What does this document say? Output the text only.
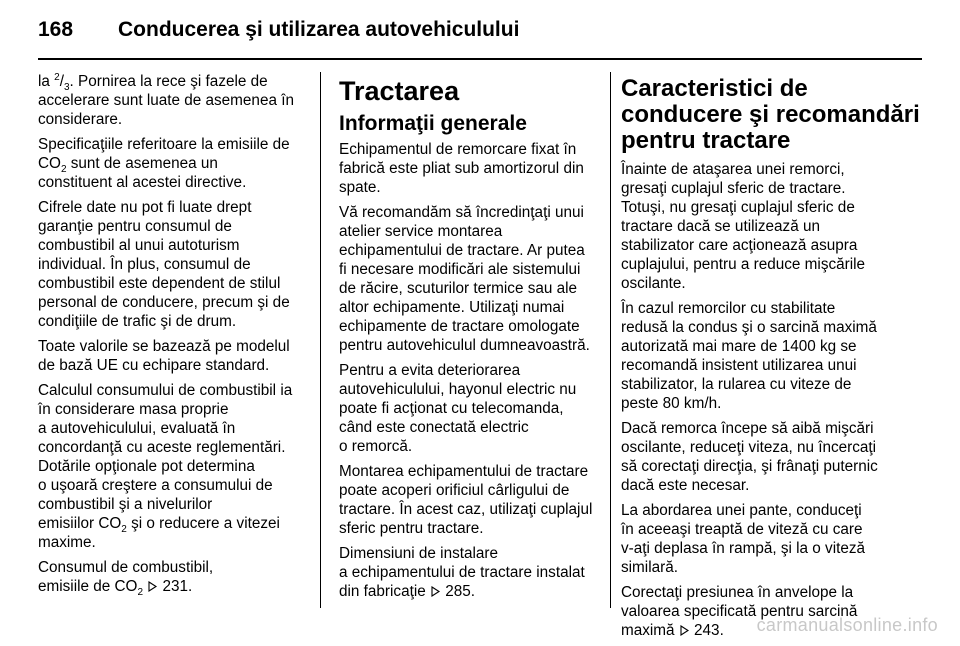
168 Conducerea şi utilizarea autovehiculului

la $^2/_3$. Pornirea la rece şi fazele de
accelerare sunt luate de asemenea în
considerare.

Specificaţiile referitoare la emisiile de
$CO_2$ sunt de asemenea un
constituent al acestei directive.

Cifrele date nu pot fi luate drept
garanţie pentru consumul de
combustibil al unui autoturism
individual. În plus, consumul de
combustibil este dependent de stilul
personal de conducere, precum şi de
condiţiile de trafic şi de drum.

Toate valorile se bazează pe modelul
de bază UE cu echipare standard.

Calculul consumului de combustibil ia
în considerare masa proprie
a autovehiculului, evaluată în
concordanţă cu aceste reglementări.
Dotările opţionale pot determina
o uşoară creştere a consumului de
combustibil şi a nivelurilor
emisiilor $CO_2$ şi o reducere a vitezei
maxime.

Consumul de combustibil,
emisiile de $CO_2$
231.

Tractarea
Informaţii generale

Echipamentul de remorcare fixat în
fabrică este pliat sub amortizorul din
spate.

Vă recomandăm să încredinţaţi unui
atelier service montarea
echipamentului de tractare. Ar putea
fi necesare modificări ale sistemului
de răcire, scuturilor termice sau ale
altor echipamente. Utilizaţi numai
echipamente de tractare omologate
pentru autovehiculul dumneavoastră.

Pentru a evita deteriorarea
autovehiculului, hayonul electric nu
poate fi acţionat cu telecomanda,
când este conectată electric
o remorcă.

Montarea echipamentului de tractare
poate acoperi orificiul cârligului de
tractare. În acest caz, utilizaţi cuplajul
sferic pentru tractare.

Dimensiuni de instalare
a echipamentului de tractare instalat
din fabricaţie
285.

Caracteristici de
conducere şi recomandări
pentru tractare

Înainte de ataşarea unei remorci,
gresaţi cuplajul sferic de tractare.
Totuşi, nu gresaţi cuplajul sferic de
tractare dacă se utilizează un
stabilizator care acţionează asupra
cuplajului, pentru a reduce mişcările
oscilante.

În cazul remorcilor cu stabilitate
redusă la condus şi o sarcină maximă
autorizată mai mare de 1400 kg se
recomandă insistent utilizarea unui
stabilizator, la rularea cu viteze de
peste 80 km/h.

Dacă remorca începe să aibă mişcări
oscilante, reduceţi viteza, nu încercaţi
să corectaţi direcţia, şi frânaţi puternic
dacă este necesar.

La abordarea unei pante, conduceţi
în aceeaşi treaptă de viteză cu care
v-aţi deplasa în rampă, şi la o viteză
similară.

Corectaţi presiunea în anvelope la
valoarea specificată pentru sarcină
maximă
243.	carmanualsonline.info
